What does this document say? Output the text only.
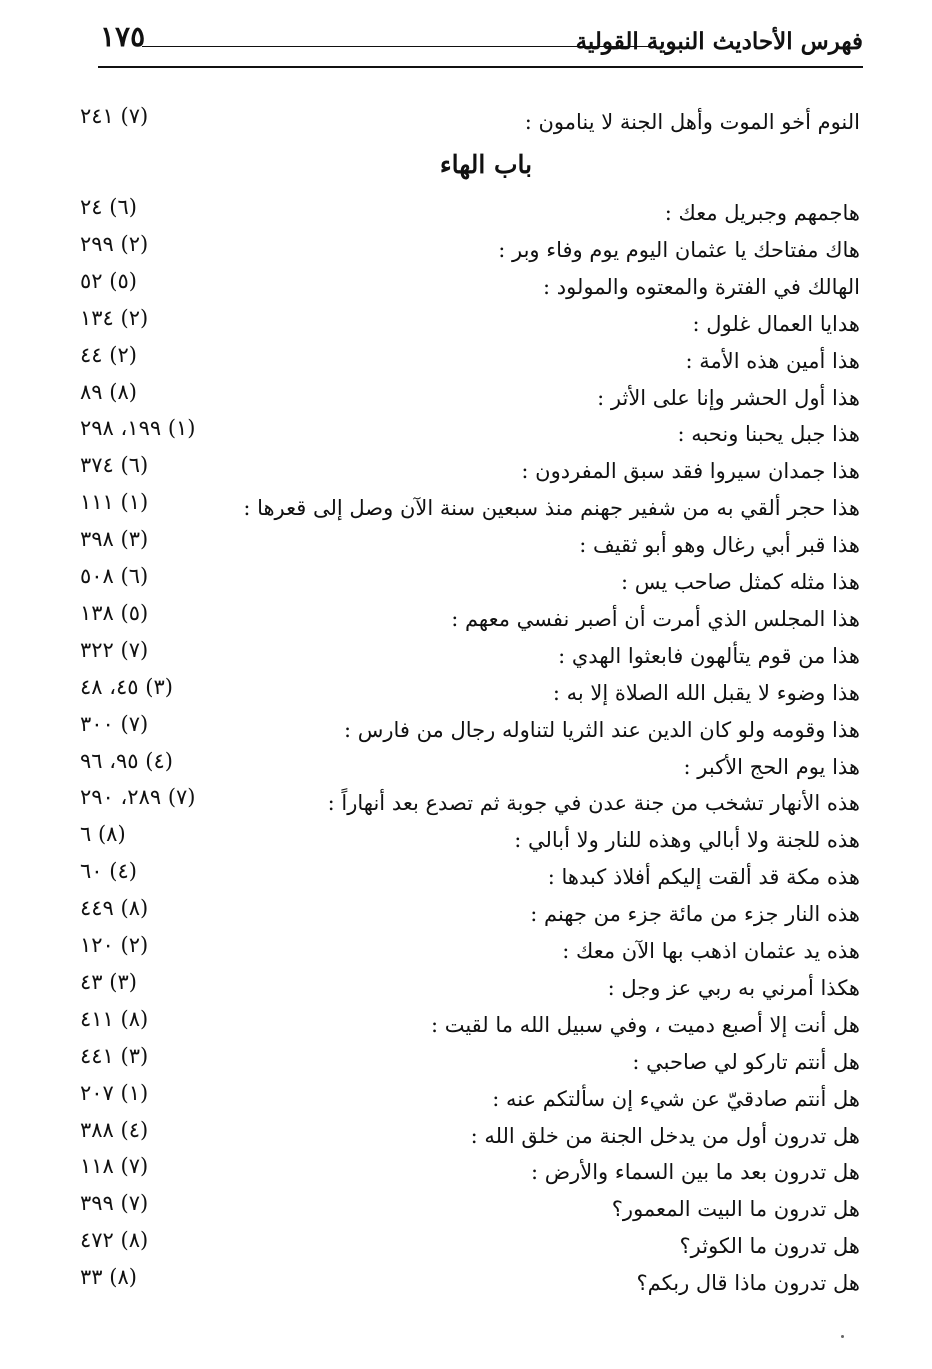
١٧٥	فهرس الأحاديث النبوية القولية
النوم أخو الموت وأهل الجنة لا ينامون :
(٧) ٢٤١
باب الهاء
هاجمهم وجبريل معك :
(٦) ٢٤
هاك مفتاحك يا عثمان اليوم يوم وفاء وبر :
(٢) ٢٩٩
الهالك في الفترة والمعتوه والمولود :
(٥) ٥٢
هدايا العمال غلول :
(٢) ١٣٤
هذا أمين هذه الأمة :
(٢) ٤٤
هذا أول الحشر وإنا على الأثر :
(٨) ٨٩
هذا جبل يحبنا ونحبه :
(١) ١٩٩، ٢٩٨
هذا جمدان سيروا فقد سبق المفردون :
(٦) ٣٧٤
هذا حجر ألقي به من شفير جهنم منذ سبعين سنة الآن وصل إلى قعرها :
(١) ١١١
هذا قبر أبي رغال وهو أبو ثقيف :
(٣) ٣٩٨
هذا مثله كمثل صاحب يس :
(٦) ٥٠٨
هذا المجلس الذي أمرت أن أصبر نفسي معهم :
(٥) ١٣٨
هذا من قوم يتألهون فابعثوا الهدي :
(٧) ٣٢٢
هذا وضوء لا يقبل الله الصلاة إلا به :
(٣) ٤٥، ٤٨
هذا وقومه ولو كان الدين عند الثريا لتناوله رجال من فارس :
(٧) ٣٠٠
هذا يوم الحج الأكبر :
(٤) ٩٥، ٩٦
هذه الأنهار تشخب من جنة عدن في جوبة ثم تصدع بعد أنهاراً :
(٧) ٢٨٩، ٢٩٠
هذه للجنة ولا أبالي وهذه للنار ولا أبالي :
(٨) ٦
هذه مكة قد ألقت إليكم أفلاذ كبدها :
(٤) ٦٠
هذه النار جزء من مائة جزء من جهنم :
(٨) ٤٤٩
هذه يد عثمان اذهب بها الآن معك :
(٢) ١٢٠
هكذا أمرني به ربي عز وجل :
(٣) ٤٣
هل أنت إلا أصبع دميت ، وفي سبيل الله ما لقيت :
(٨) ٤١١
هل أنتم تاركو لي صاحبي :
(٣) ٤٤١
هل أنتم صادقيّ عن شيء إن سألتكم عنه :
(١) ٢٠٧
هل تدرون أول من يدخل الجنة من خلق الله :
(٤) ٣٨٨
هل تدرون بعد ما بين السماء والأرض :
(٧) ١١٨
هل تدرون ما البيت المعمور؟
(٧) ٣٩٩
هل تدرون ما الكوثر؟
(٨) ٤٧٢
هل تدرون ماذا قال ربكم؟
(٨) ٣٣
